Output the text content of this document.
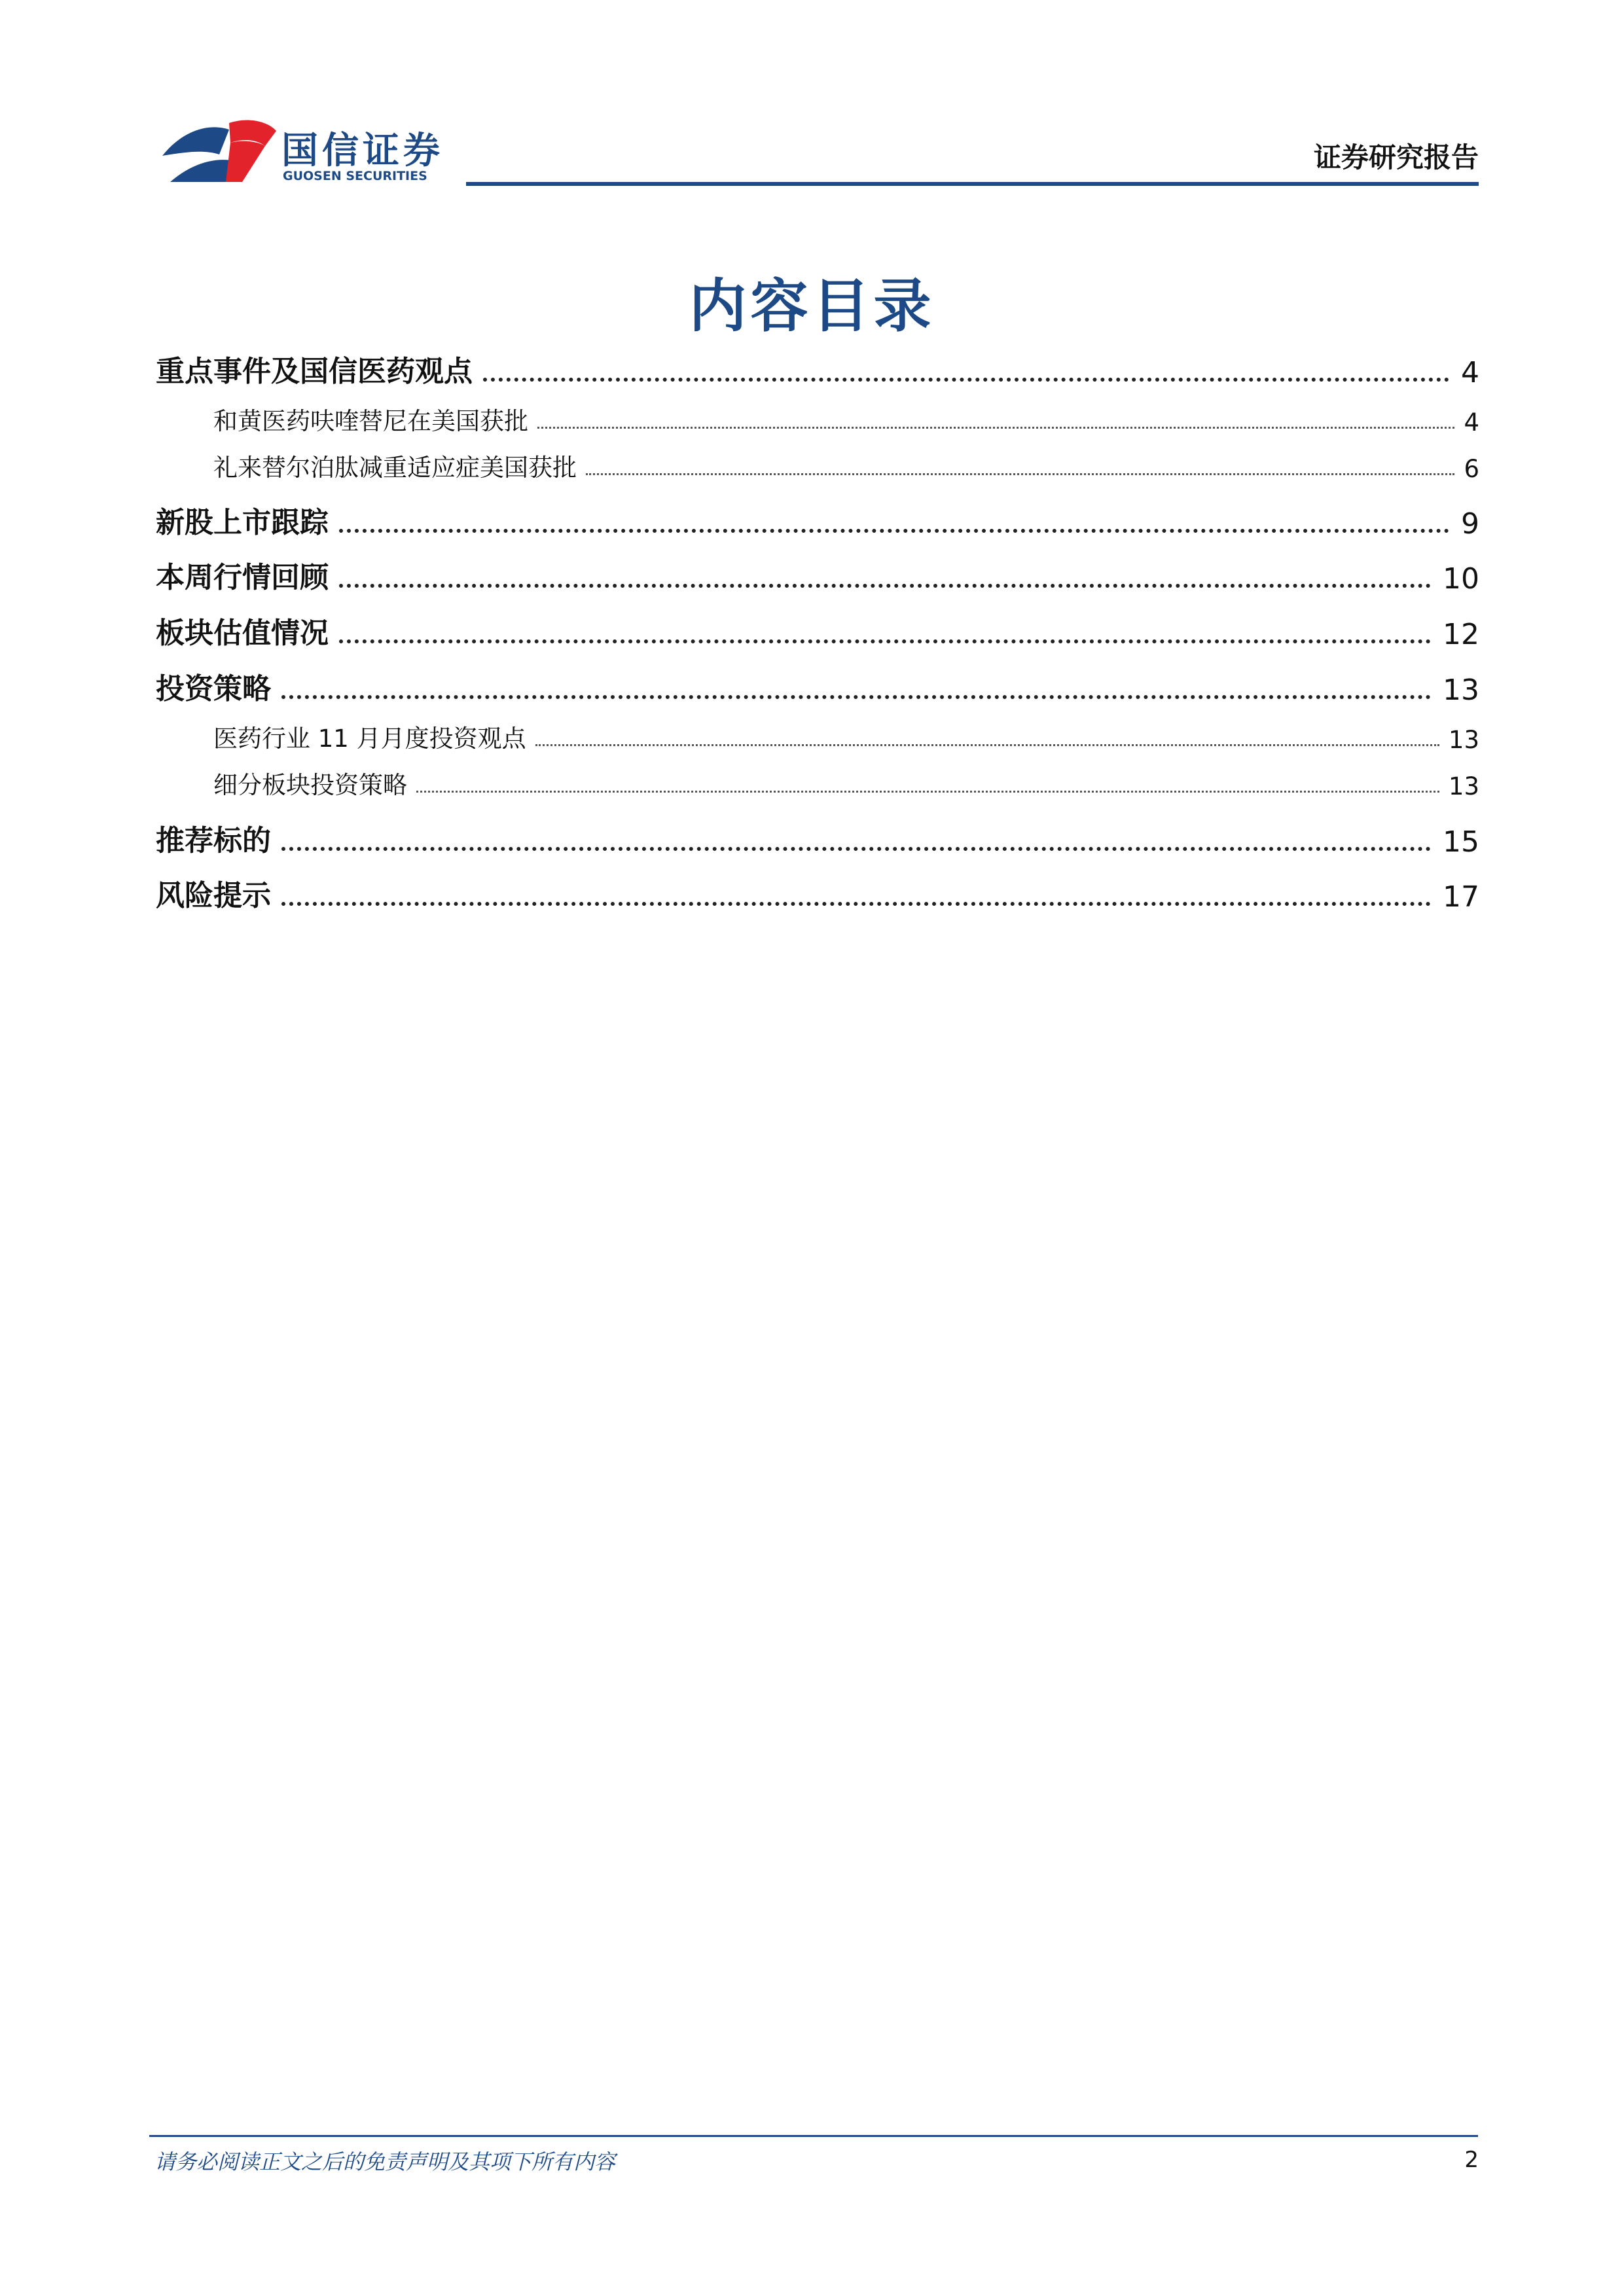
国信证券
GUOSEN SECURITIES
证券研究报告
内容目录
重点事件及国信医药观点	4
和黄医药呋喹替尼在美国获批	4
礼来替尔泊肽减重适应症美国获批	6
新股上市跟踪	9
本周行情回顾	10
板块估值情况	12
投资策略	13
医药行业 11 月月度投资观点	13
细分板块投资策略	13
推荐标的	15
风险提示	17
请务必阅读正文之后的免责声明及其项下所有内容	2
